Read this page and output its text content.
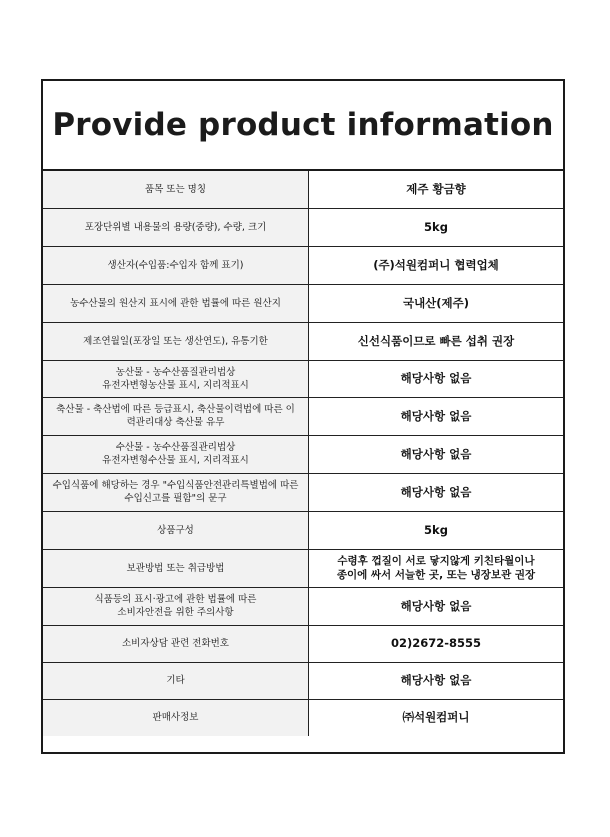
Provide product information
품목 또는 명칭	제주 황금향
포장단위별 내용물의 용량(중량), 수량, 크기	5kg
생산자(수입품:수입자 함께 표기)	(주)석원컴퍼니 협력업체
농수산물의 원산지 표시에 관한 법률에 따른 원산지	국내산(제주)
제조연월일(포장일 또는 생산연도), 유통기한	신선식품이므로 빠른 섭취 권장
농산물 - 농수산품질관리법상
유전자변형농산물 표시, 지리적표시	해당사항 없음
축산물 - 축산법에 따른 등급표시, 축산물이력법에 따른 이
력관리대상 축산물 유무	해당사항 없음
수산물 - 농수산품질관리법상
유전자변형수산물 표시, 지리적표시	해당사항 없음
수입식품에 해당하는 경우 "수입식품안전관리특별법에 따른
수입신고를 필함"의 문구	해당사항 없음
상품구성	5kg
보관방법 또는 취급방법	수령후 껍질이 서로 닿지않게 키친타월이나
종이에 싸서 서늘한 곳, 또는 냉장보관 권장
식품등의 표시·광고에 관한 법률에 따른
소비자안전을 위한 주의사항	해당사항 없음
소비자상담 관련 전화번호	02)2672-8555
기타	해당사항 없음
판매사정보	㈜석원컴퍼니
